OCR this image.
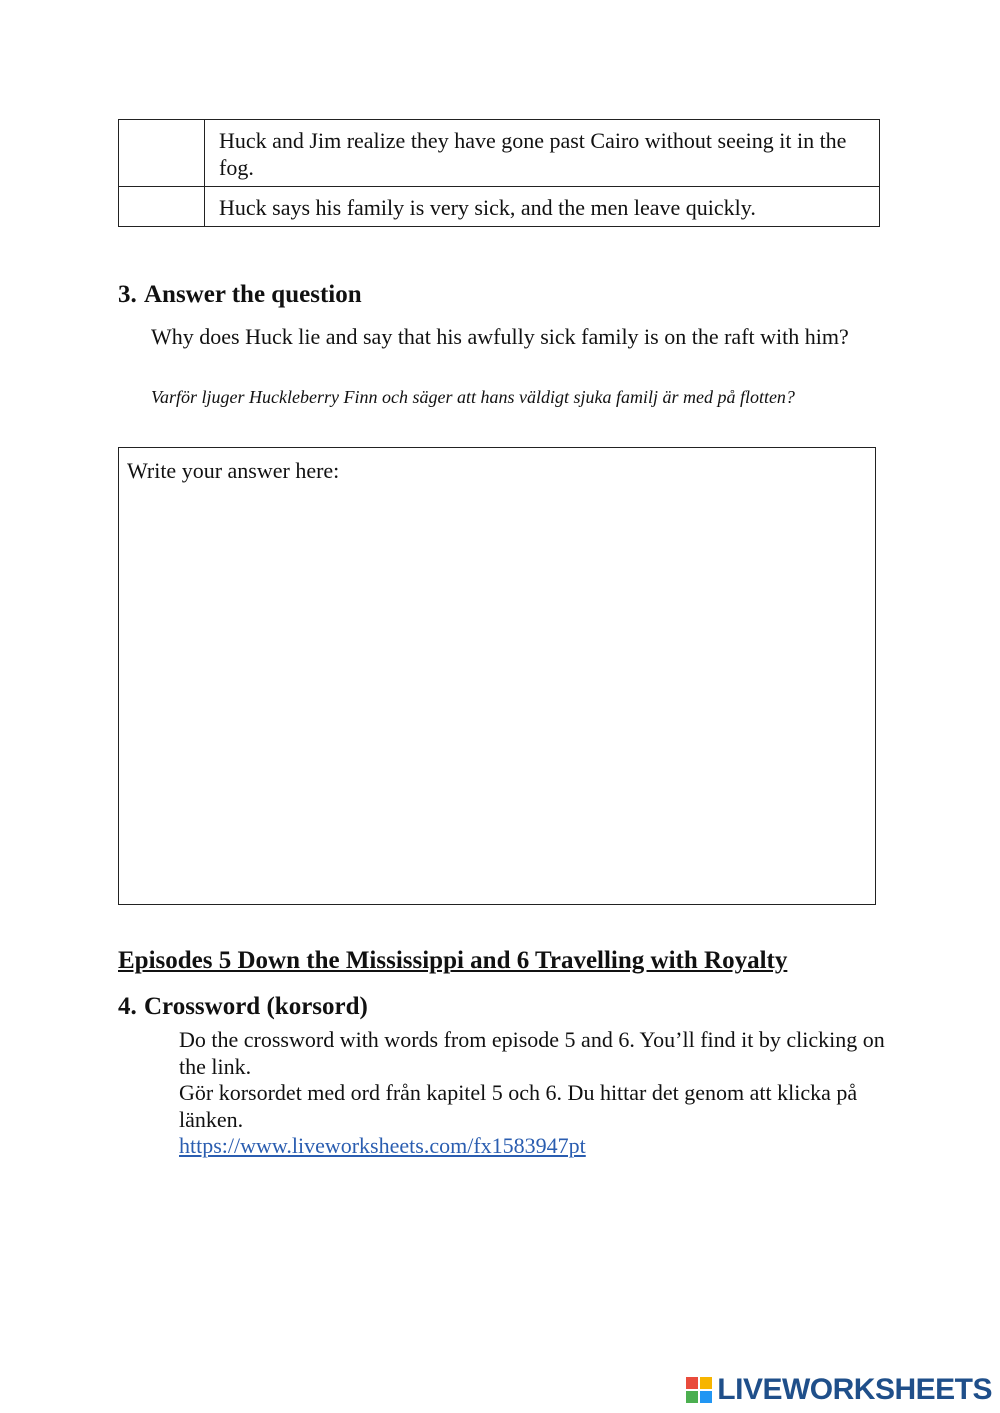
	Huck and Jim realize they have gone past Cairo without seeing it in the fog.
	Huck says his family is very sick, and the men leave quickly.
3. Answer the question
Why does Huck lie and say that his awfully sick family is on the raft with him?
Varför ljuger Huckleberry Finn och säger att hans väldigt sjuka familj är med på flotten?
Write your answer here:
Episodes 5 Down the Mississippi and 6 Travelling with Royalty
4. Crossword (korsord)
Do the crossword with words from episode 5 and 6. You’ll find it by clicking on the link.
Gör korsordet med ord från kapitel 5 och 6. Du hittar det genom att klicka på länken.
https://www.liveworksheets.com/fx1583947pt
LIVEWORKSHEETS
